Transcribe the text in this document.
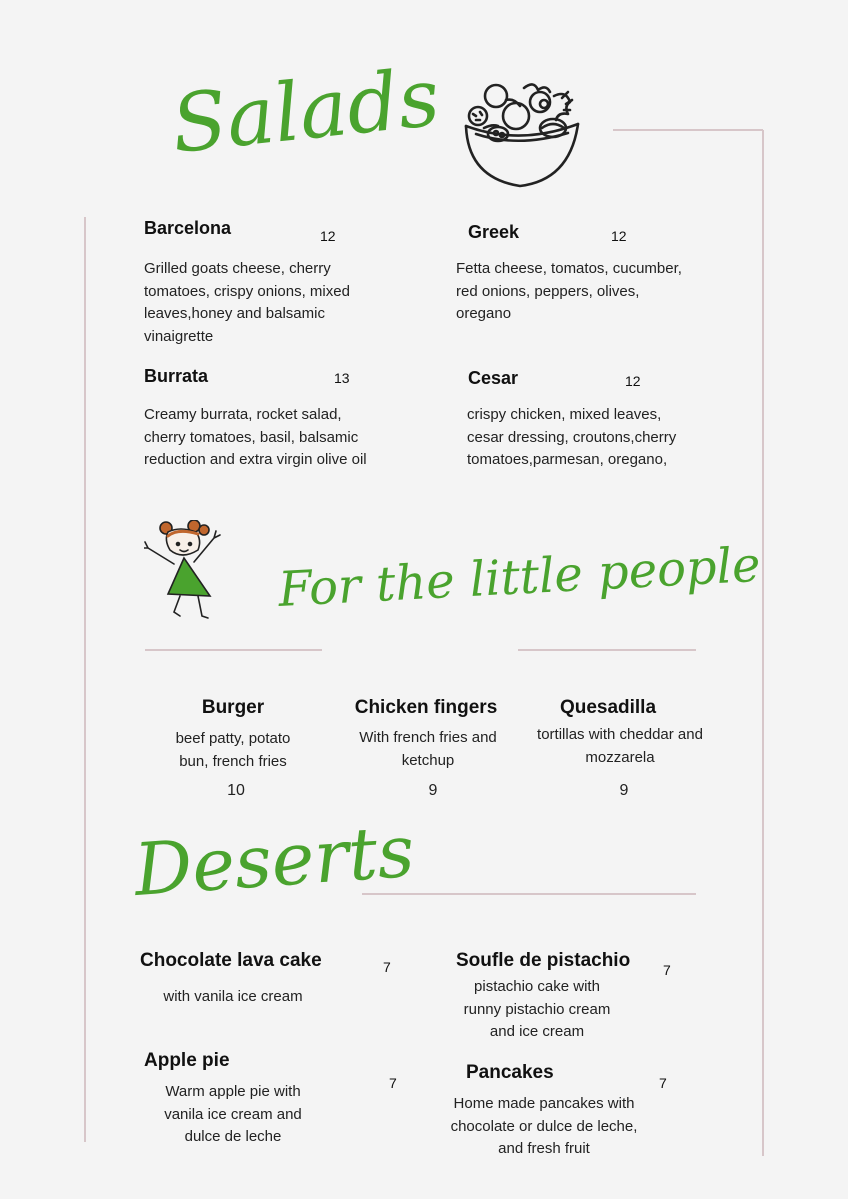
Salads
Barcelona	12
Grilled goats cheese, cherry tomatoes, crispy onions, mixed leaves,honey and balsamic vinaigrette
Greek	12
Fetta cheese, tomatos, cucumber, red onions, peppers, olives, oregano
Burrata	13
Creamy burrata, rocket salad, cherry tomatoes, basil, balsamic reduction and extra virgin olive oil
Cesar	12
crispy chicken, mixed leaves, cesar dressing, croutons,cherry tomatoes,parmesan, oregano,
For the little people
Burger
beef patty, potato bun, french fries
10
Chicken fingers
With french fries and ketchup
9
Quesadilla
tortillas with cheddar and mozzarela
9
Deserts
Chocolate lava cake	7
with vanila ice cream
Soufle de pistachio 7
pistachio cake with runny pistachio cream and ice cream
Apple pie
7
Warm apple pie with vanila ice cream and dulce de leche
Pancakes	7
Home made pancakes with chocolate or dulce de leche, and fresh fruit
